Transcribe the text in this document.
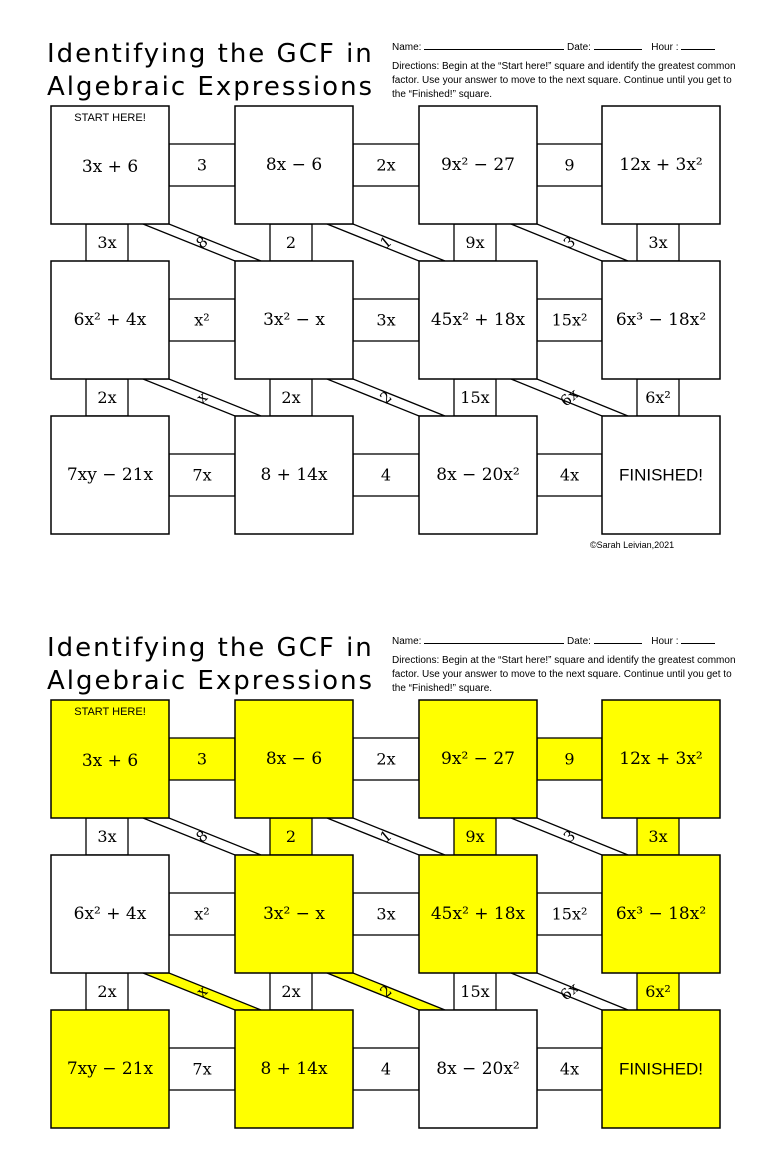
Identifying the GCF in
Algebraic Expressions
Name:	Date:	Hour :
Directions: Begin at the “Start here!” square and identify the greatest common factor. Use your answer to move to the next square. Continue until you get to the “Finished!” square.
8	1	3
x	2	6x
3	2x	9
x²	3x	15x²
7x	4	4x
3x	2	9x	3x
2x	2x	15x	6x²
3x + 6	8x − 6	9x² − 27	12x + 3x²
6x² + 4x	3x² − x	45x² + 18x	6x³ − 18x²
7xy − 21x	8 + 14x	8x − 20x²	FINISHED!
START HERE!
©Sarah Leivian,2021
Identifying the GCF in
Algebraic Expressions
Name:	Date:	Hour :
Directions: Begin at the “Start here!” square and identify the greatest common factor. Use your answer to move to the next square. Continue until you get to the “Finished!” square.
8	1	3
x	2	6x
3	2x	9
x²	3x	15x²
7x	4	4x
3x	2	9x	3x
2x	2x	15x	6x²
3x + 6	8x − 6	9x² − 27	12x + 3x²
6x² + 4x	3x² − x	45x² + 18x	6x³ − 18x²
7xy − 21x	8 + 14x	8x − 20x²	FINISHED!
START HERE!
